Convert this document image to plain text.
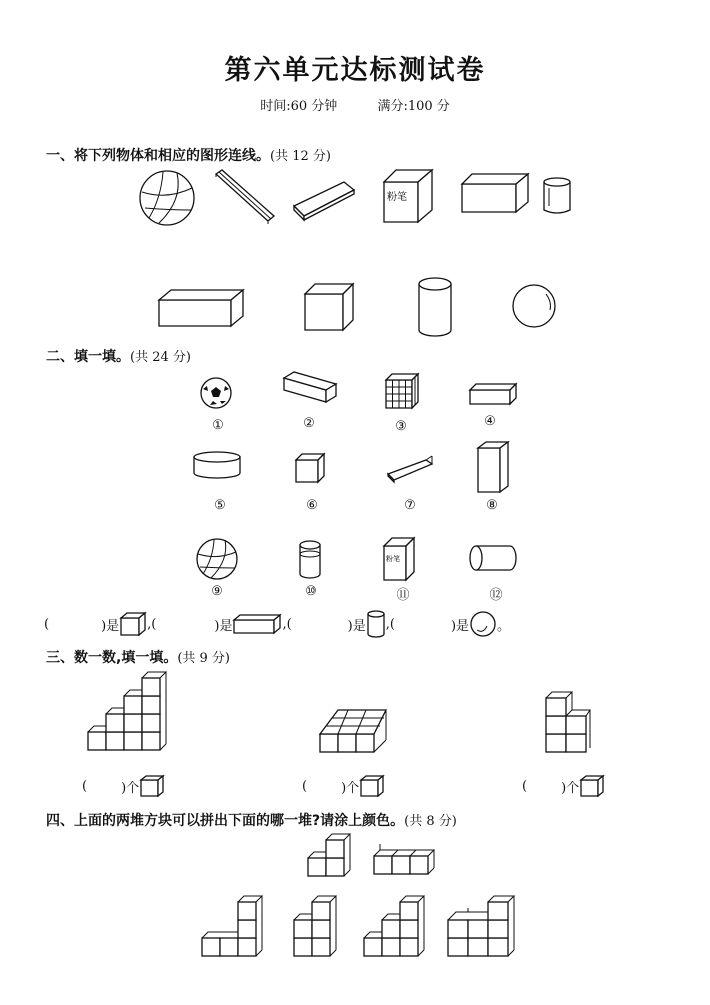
第六单元达标测试卷
时间:60 分钟	满分:100 分
一、将下列物体和相应的图形连线。(共 12 分)
粉笔
二、填一填。(共 24 分)
①	②	③	④
⑤	⑥	⑦	⑧
粉笔
⑨	⑩	⑪	⑫
(	)是 , (	)是	, (	)是 , (	)是 。
三、数一数,填一填。(共 9 分)
(	)个	(	)个	(	)个
四、上面的两堆方块可以拼出下面的哪一堆?请涂上颜色。(共 8 分)
